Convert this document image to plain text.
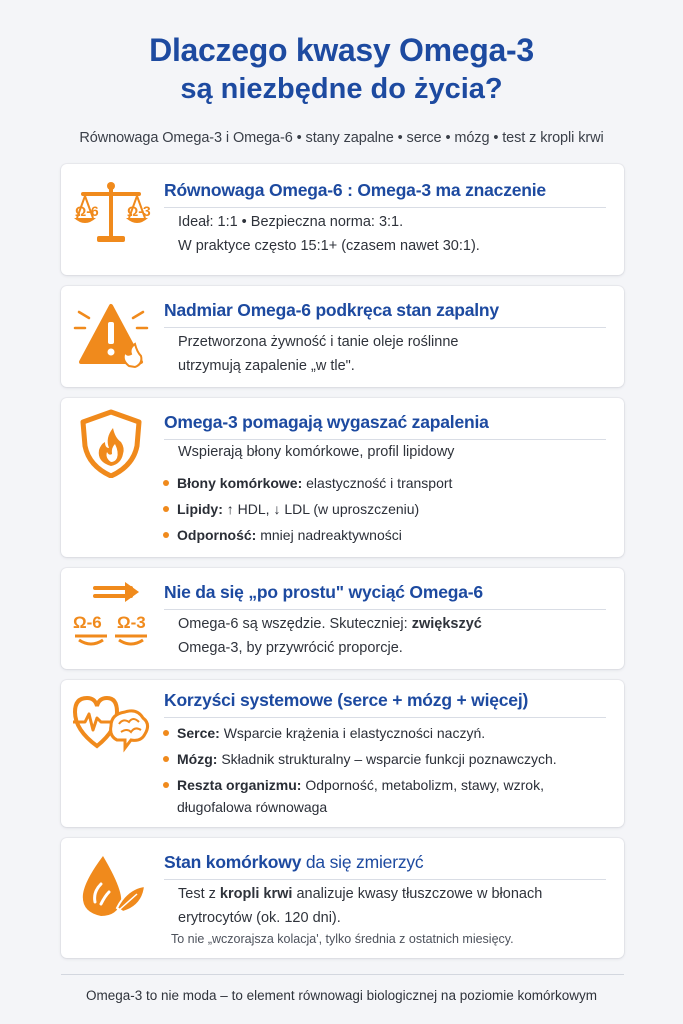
Dlaczego kwasy Omega-3
są niezbędne do życia?
Równowaga Omega-3 i Omega-6 • stany zapalne • serce • mózg • test z kropli krwi
Ω-6 Ω-3
Równowaga Omega-6 : Omega-3 ma znaczenie
Ideał: 1:1 • Bezpieczna norma: 3:1.
W praktyce często 15:1+ (czasem nawet 30:1).
Nadmiar Omega-6 podkręca stan zapalny
Przetworzona żywność i tanie oleje roślinne
utrzymują zapalenie „w tle".
Omega-3 pomagają wygaszać zapalenia
Wspierają błony komórkowe, profil lipidowy
Błony komórkowe: elastyczność i transport
Lipidy: ↑ HDL, ↓ LDL (w uproszczeniu)
Odporność: mniej nadreaktywności
Ω-6 Ω-3
Nie da się „po prostu" wyciąć Omega-6
Omega-6 są wszędzie. Skuteczniej: zwiększyć
Omega-3, by przywrócić proporcje.
Korzyści systemowe (serce + mózg + więcej)
Serce: Wsparcie krążenia i elastyczności naczyń.
Mózg: Składnik strukturalny – wsparcie funkcji poznawczych.
Reszta organizmu: Odporność, metabolizm, stawy, wzrok,
długofalowa równowaga
Stan komórkowy da się zmierzyć
Test z kropli krwi analizuje kwasy tłuszczowe w błonach
erytrocytów (ok. 120 dni).
To nie „wczorajsza kolacja', tylko średnia z ostatnich miesięcy.
Omega-3 to nie moda – to element równowagi biologicznej na poziomie komórkowym
